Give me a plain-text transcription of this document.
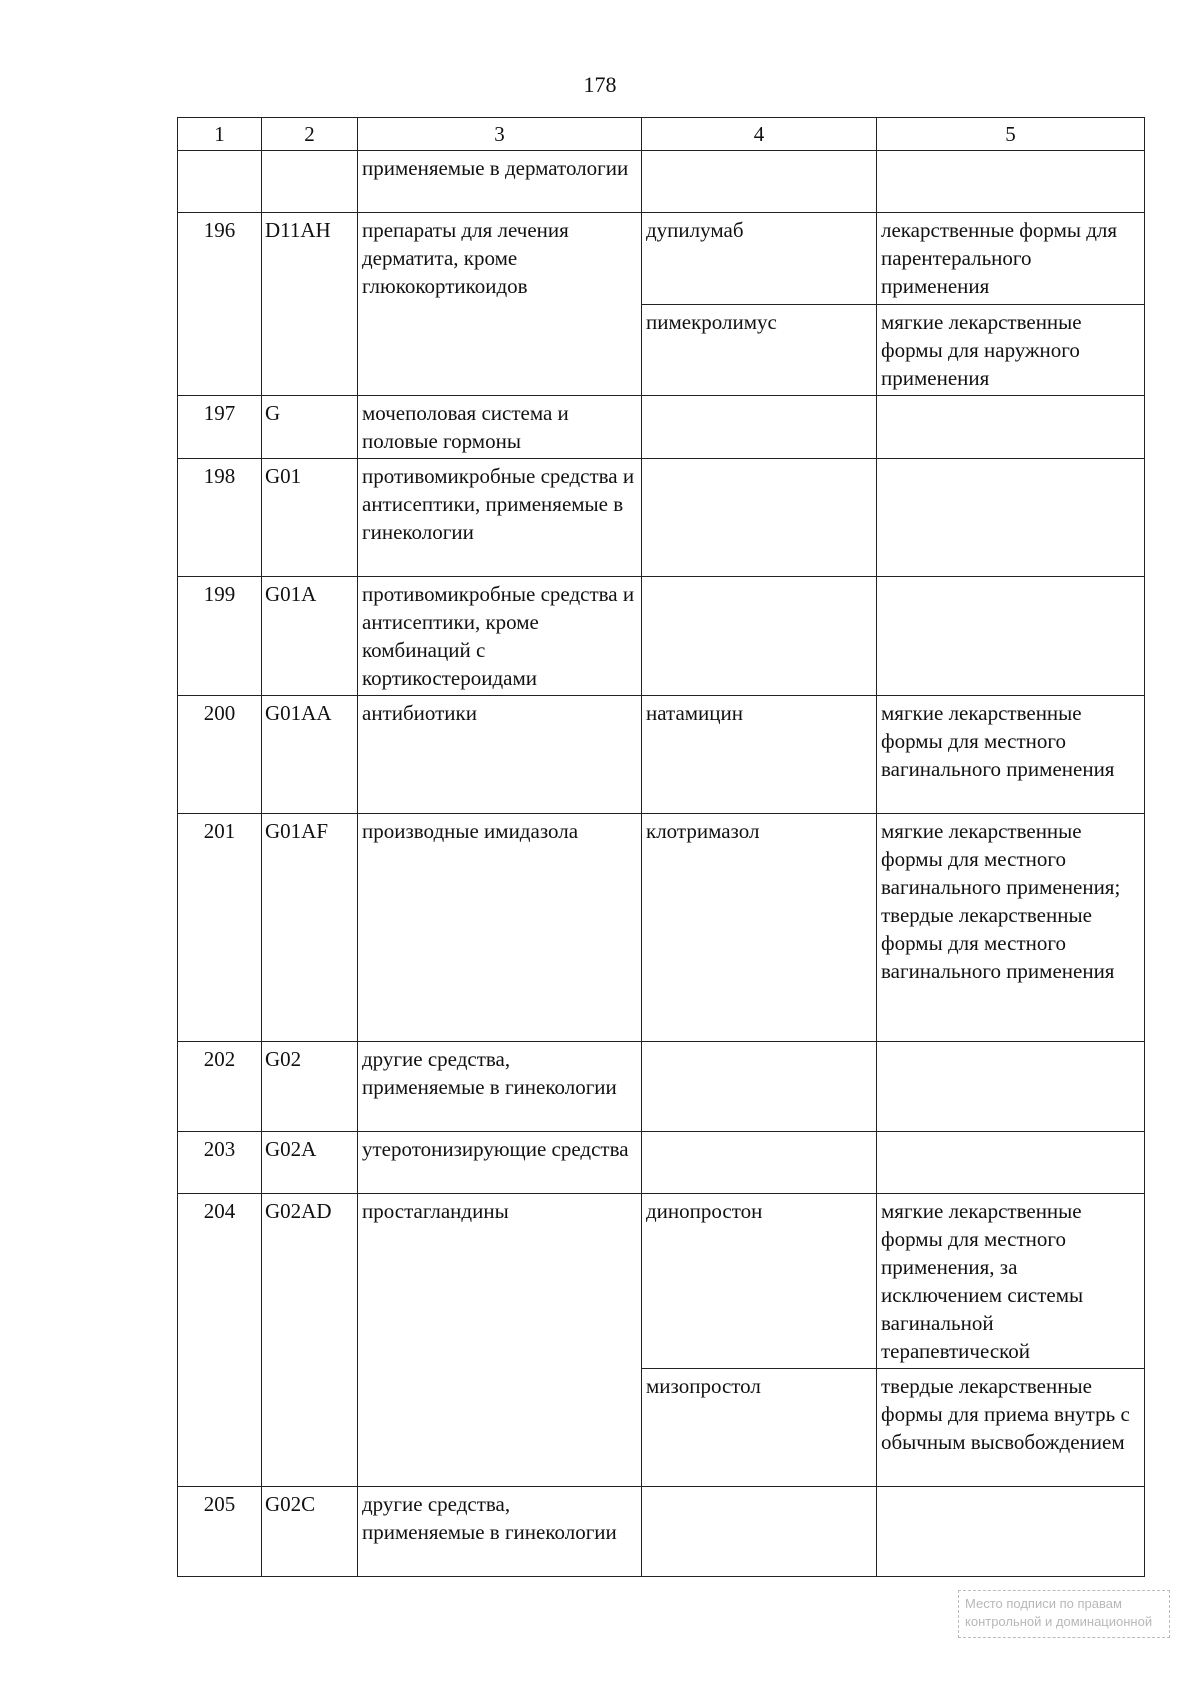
178
1	2	3	4	5
		применяемые в дерматологии		
196	D11AH	препараты для лечения дерматита, кроме глюкокортикоидов	дупилумаб	лекарственные формы для парентерального применения
			пимекролимус	мягкие лекарственные формы для наружного применения
197	G	мочеполовая система и половые гормоны		
198	G01	противомикробные средства и антисептики, применяемые в гинекологии		
199	G01A	противомикробные средства и антисептики, кроме комбинаций с кортикостероидами		
200	G01AA	антибиотики	натамицин	мягкие лекарственные формы для местного вагинального применения
201	G01AF	производные имидазола	клотримазол	мягкие лекарственные формы для местного вагинального применения; твердые лекарственные формы для местного вагинального применения
202	G02	другие средства, применяемые в гинекологии		
203	G02A	утеротонизирующие средства		
204	G02AD	простагландины	динопростон	мягкие лекарственные формы для местного применения, за исключением системы вагинальной терапевтической
			мизопростол	твердые лекарственные формы для приема внутрь с обычным высвобождением
205	G02C	другие средства, применяемые в гинекологии		
Место подписи по правам
контрольной и доминационной
